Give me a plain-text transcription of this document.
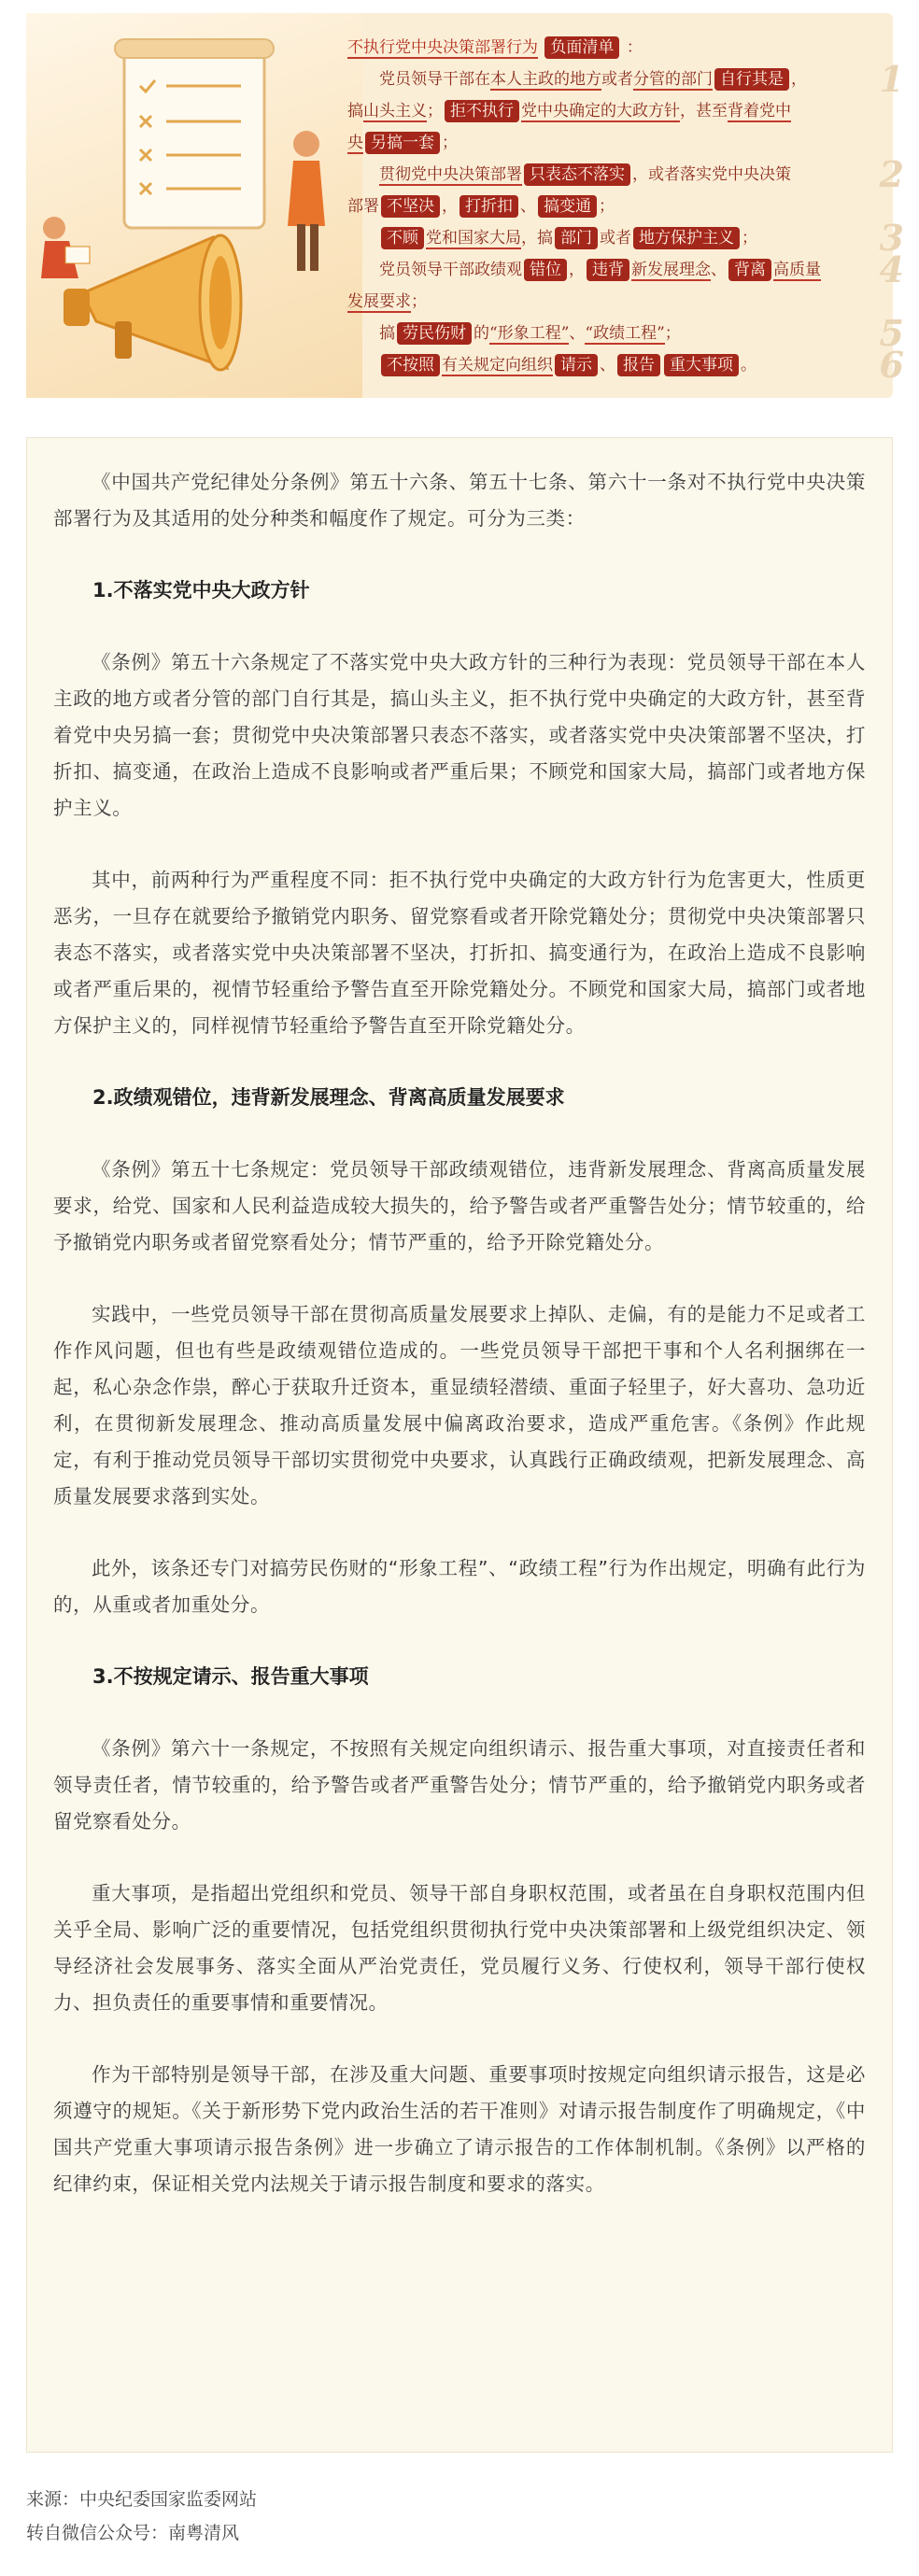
不执行党中央决策部署行为 负面清单 ：
  党员领导干部在本人主政的地方或者分管的部门 自行其是 ， 1
搞山头主义； 拒不执行 党中央确定的大政方针，甚至背着党中
央 另搞一套 ；
  贯彻党中央决策部署 只表态不落实 ，或者落实党中央决策 2
部署 不坚决 ， 打折扣 、 搞变通 ；
  不顾 党和国家大局，搞 部门 或者 地方保护主义 ；	3
  党员领导干部政绩观 错位 ， 违背 新发展理念、 背离 高质量 4
发展要求；
  搞 劳民伤财 的“形象工程”、“政绩工程”；	5
  不按照 有关规定向组织 请示 、 报告 重大事项 。	6

《中国共产党纪律处分条例》第五十六条、第五十七条、第六十一条对不执行党中央决策部署行为及其适用的处分种类和幅度作了规定。可分为三类：

1.不落实党中央大政方针

《条例》第五十六条规定了不落实党中央大政方针的三种行为表现：党员领导干部在本人主政的地方或者分管的部门自行其是，搞山头主义，拒不执行党中央确定的大政方针，甚至背着党中央另搞一套；贯彻党中央决策部署只表态不落实，或者落实党中央决策部署不坚决，打折扣、搞变通，在政治上造成不良影响或者严重后果；不顾党和国家大局，搞部门或者地方保护主义。

其中，前两种行为严重程度不同：拒不执行党中央确定的大政方针行为危害更大，性质更恶劣，一旦存在就要给予撤销党内职务、留党察看或者开除党籍处分；贯彻党中央决策部署只表态不落实，或者落实党中央决策部署不坚决，打折扣、搞变通行为，在政治上造成不良影响或者严重后果的，视情节轻重给予警告直至开除党籍处分。不顾党和国家大局，搞部门或者地方保护主义的，同样视情节轻重给予警告直至开除党籍处分。

2.政绩观错位，违背新发展理念、背离高质量发展要求

《条例》第五十七条规定：党员领导干部政绩观错位，违背新发展理念、背离高质量发展要求，给党、国家和人民利益造成较大损失的，给予警告或者严重警告处分；情节较重的，给予撤销党内职务或者留党察看处分；情节严重的，给予开除党籍处分。

实践中，一些党员领导干部在贯彻高质量发展要求上掉队、走偏，有的是能力不足或者工作作风问题，但也有些是政绩观错位造成的。一些党员领导干部把干事和个人名利捆绑在一起，私心杂念作祟，醉心于获取升迁资本，重显绩轻潜绩、重面子轻里子，好大喜功、急功近利，在贯彻新发展理念、推动高质量发展中偏离政治要求，造成严重危害。《条例》作此规定，有利于推动党员领导干部切实贯彻党中央要求，认真践行正确政绩观，把新发展理念、高质量发展要求落到实处。

此外，该条还专门对搞劳民伤财的“形象工程”、“政绩工程”行为作出规定，明确有此行为的，从重或者加重处分。

3.不按规定请示、报告重大事项

《条例》第六十一条规定，不按照有关规定向组织请示、报告重大事项，对直接责任者和领导责任者，情节较重的，给予警告或者严重警告处分；情节严重的，给予撤销党内职务或者留党察看处分。

重大事项，是指超出党组织和党员、领导干部自身职权范围，或者虽在自身职权范围内但关乎全局、影响广泛的重要情况，包括党组织贯彻执行党中央决策部署和上级党组织决定、领导经济社会发展事务、落实全面从严治党责任，党员履行义务、行使权利，领导干部行使权力、担负责任的重要事情和重要情况。

作为干部特别是领导干部，在涉及重大问题、重要事项时按规定向组织请示报告，这是必须遵守的规矩。《关于新形势下党内政治生活的若干准则》对请示报告制度作了明确规定，《中国共产党重大事项请示报告条例》进一步确立了请示报告的工作体制机制。《条例》以严格的纪律约束，保证相关党内法规关于请示报告制度和要求的落实。

来源：中央纪委国家监委网站
转自微信公众号：南粤清风
